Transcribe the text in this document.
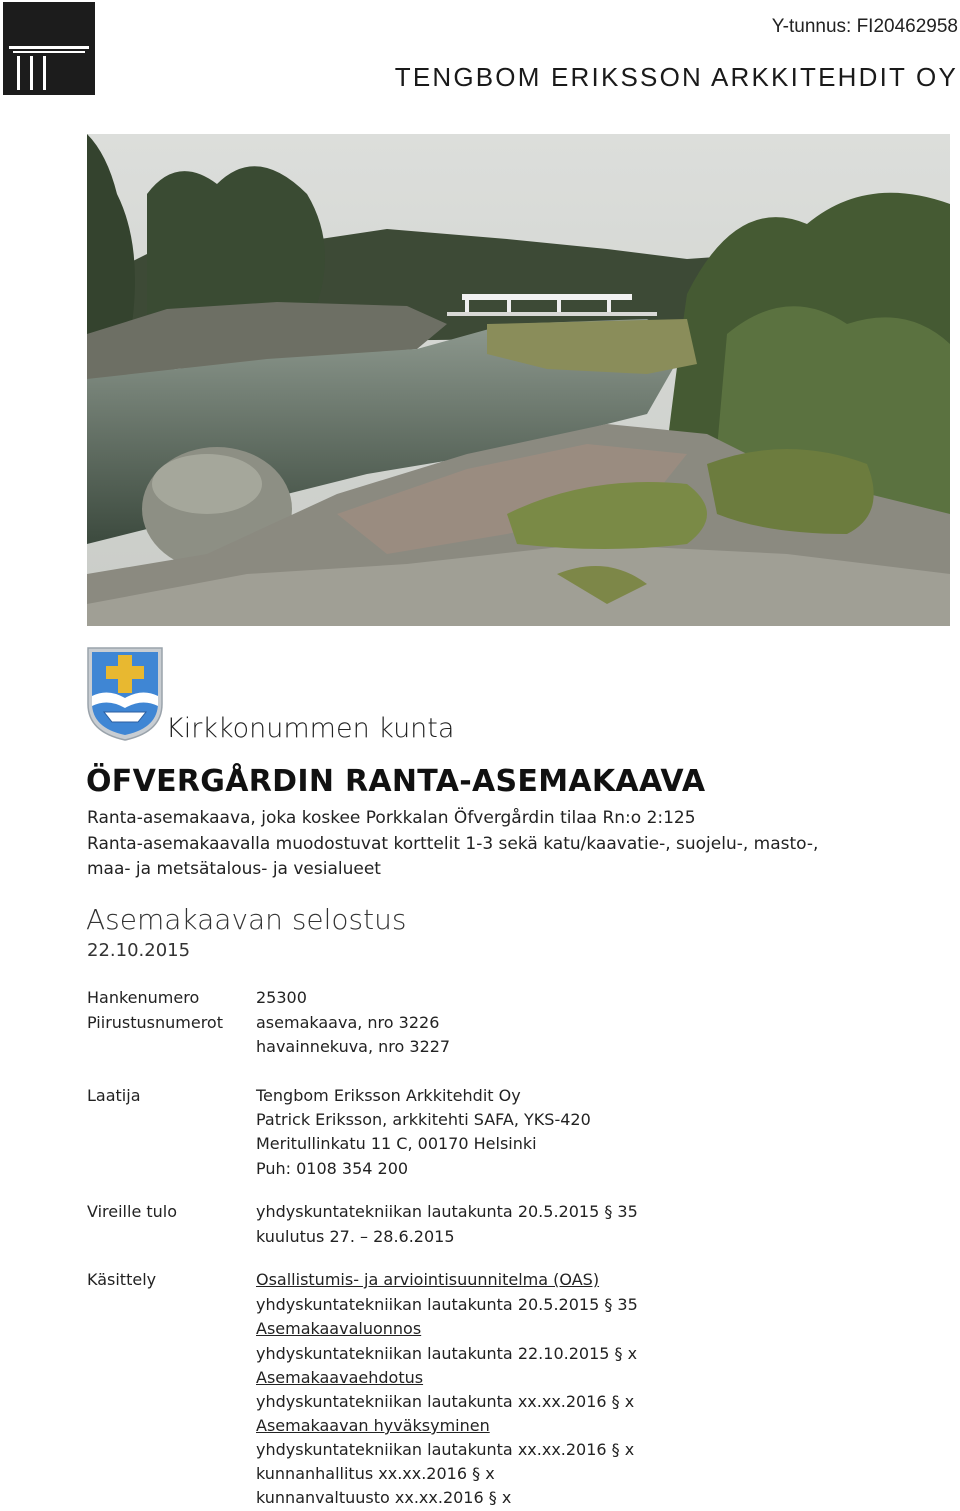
Y-tunnus: FI20462958
TENGBOM ERIKSSON ARKKITEHDIT OY
Kirkkonummen kunta
ÖFVERGÅRDIN RANTA-ASEMAKAAVA
Ranta-asemakaava, joka koskee Porkkalan Öfvergårdin tilaa Rn:o 2:125
Ranta-asemakaavalla muodostuvat korttelit 1-3 sekä katu/kaavatie-, suojelu-, masto-,
maa- ja metsätalous- ja vesialueet
Asemakaavan selostus
22.10.2015
Hankenumero	25300
Piirustusnumerot asemakaava, nro 3226
havainnekuva, nro 3227
Laatija	Tengbom Eriksson Arkkitehdit Oy
Patrick Eriksson, arkkitehti SAFA, YKS-420
Meritullinkatu 11 C, 00170 Helsinki
Puh: 0108 354 200
Vireille tulo	yhdyskuntatekniikan lautakunta 20.5.2015 § 35
kuulutus 27. – 28.6.2015
Käsittely	Osallistumis- ja arviointisuunnitelma (OAS)
yhdyskuntatekniikan lautakunta 20.5.2015 § 35
Asemakaavaluonnos
yhdyskuntatekniikan lautakunta 22.10.2015 § x
Asemakaavaehdotus
yhdyskuntatekniikan lautakunta xx.xx.2016 § x
Asemakaavan hyväksyminen
yhdyskuntatekniikan lautakunta xx.xx.2016 § x
kunnanhallitus xx.xx.2016 § x
kunnanvaltuusto xx.xx.2016 § x
